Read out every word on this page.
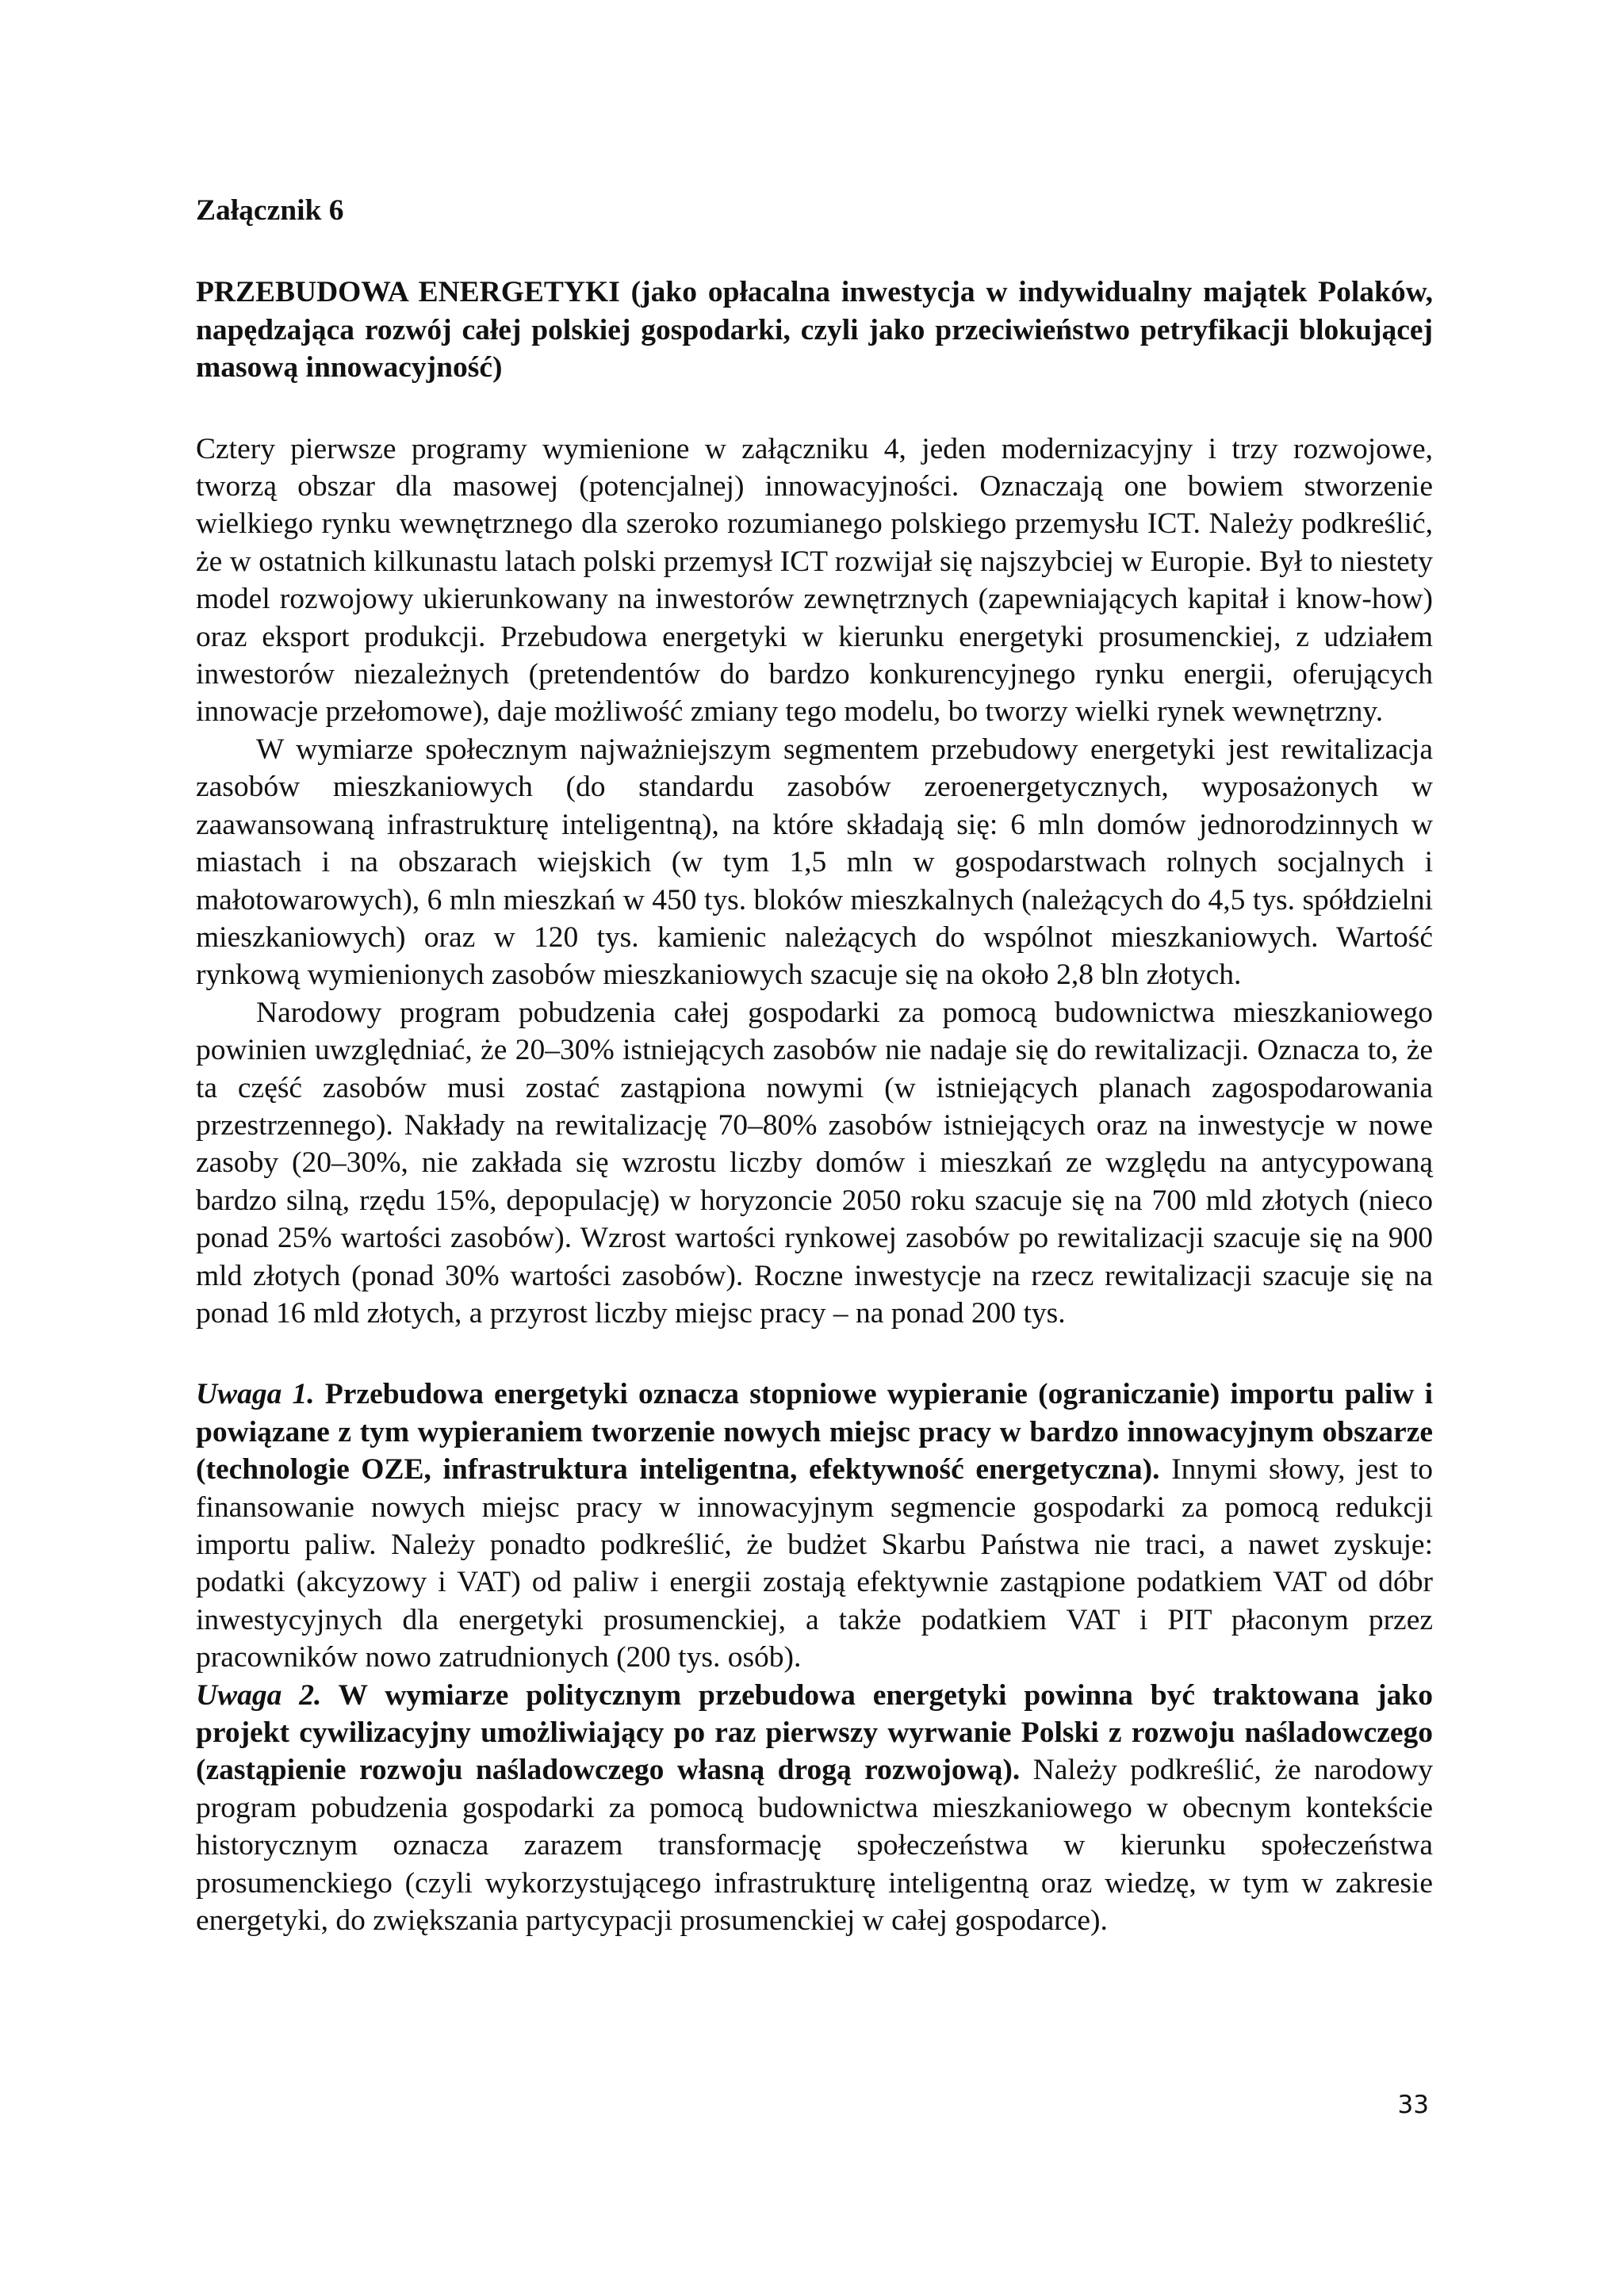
Załącznik 6

PRZEBUDOWA ENERGETYKI (jako opłacalna inwestycja w indywidualny majątek Polaków, napędzająca rozwój całej polskiej gospodarki, czyli jako przeciwieństwo petryfikacji blokującej masową innowacyjność)

Cztery pierwsze programy wymienione w załączniku 4, jeden modernizacyjny i trzy rozwojowe, tworzą obszar dla masowej (potencjalnej) innowacyjności. Oznaczają one bowiem stworzenie wielkiego rynku wewnętrznego dla szeroko rozumianego polskiego przemysłu ICT. Należy podkreślić, że w ostatnich kilkunastu latach polski przemysł ICT rozwijał się najszybciej w Europie. Był to niestety model rozwojowy ukierunkowany na inwestorów zewnętrznych (zapewniających kapitał i know-how) oraz eksport produkcji. Przebudowa energetyki w kierunku energetyki prosumenckiej, z udziałem inwestorów niezależnych (pretendentów do bardzo konkurencyjnego rynku energii, oferujących innowacje przełomowe), daje możliwość zmiany tego modelu, bo tworzy wielki rynek wewnętrzny.

W wymiarze społecznym najważniejszym segmentem przebudowy energetyki jest rewitalizacja zasobów mieszkaniowych (do standardu zasobów zeroenergetycznych, wyposażonych w zaawansowaną infrastrukturę inteligentną), na które składają się: 6 mln domów jednorodzinnych w miastach i na obszarach wiejskich (w tym 1,5 mln w gospodarstwach rolnych socjalnych i małotowarowych), 6 mln mieszkań w 450 tys. bloków mieszkalnych (należących do 4,5 tys. spółdzielni mieszkaniowych) oraz w 120 tys. kamienic należących do wspólnot mieszkaniowych. Wartość rynkową wymienionych zasobów mieszkaniowych szacuje się na około 2,8 bln złotych.

Narodowy program pobudzenia całej gospodarki za pomocą budownictwa mieszkaniowego powinien uwzględniać, że 20–30% istniejących zasobów nie nadaje się do rewitalizacji. Oznacza to, że ta część zasobów musi zostać zastąpiona nowymi (w istniejących planach zagospodarowania przestrzennego). Nakłady na rewitalizację 70–80% zasobów istniejących oraz na inwestycje w nowe zasoby (20–30%, nie zakłada się wzrostu liczby domów i mieszkań ze względu na antycypowaną bardzo silną, rzędu 15%, depopulację) w horyzoncie 2050 roku szacuje się na 700 mld złotych (nieco ponad 25% wartości zasobów). Wzrost wartości rynkowej zasobów po rewitalizacji szacuje się na 900 mld złotych (ponad 30% wartości zasobów). Roczne inwestycje na rzecz rewitalizacji szacuje się na ponad 16 mld złotych, a przyrost liczby miejsc pracy – na ponad 200 tys.

Uwaga 1. Przebudowa energetyki oznacza stopniowe wypieranie (ograniczanie) importu paliw i powiązane z tym wypieraniem tworzenie nowych miejsc pracy w bardzo innowacyjnym obszarze (technologie OZE, infrastruktura inteligentna, efektywność energetyczna). Innymi słowy, jest to finansowanie nowych miejsc pracy w innowacyjnym segmencie gospodarki za pomocą redukcji importu paliw. Należy ponadto podkreślić, że budżet Skarbu Państwa nie traci, a nawet zyskuje: podatki (akcyzowy i VAT) od paliw i energii zostają efektywnie zastąpione podatkiem VAT od dóbr inwestycyjnych dla energetyki prosumenckiej, a także podatkiem VAT i PIT płaconym przez pracowników nowo zatrudnionych (200 tys. osób).

Uwaga 2. W wymiarze politycznym przebudowa energetyki powinna być traktowana jako projekt cywilizacyjny umożliwiający po raz pierwszy wyrwanie Polski z rozwoju naśladowczego (zastąpienie rozwoju naśladowczego własną drogą rozwojową). Należy podkreślić, że narodowy program pobudzenia gospodarki za pomocą budownictwa mieszkaniowego w obecnym kontekście historycznym oznacza zarazem transformację społeczeństwa w kierunku społeczeństwa prosumenckiego (czyli wykorzystującego infrastrukturę inteligentną oraz wiedzę, w tym w zakresie energetyki, do zwiększania partycypacji prosumenckiej w całej gospodarce).

33
